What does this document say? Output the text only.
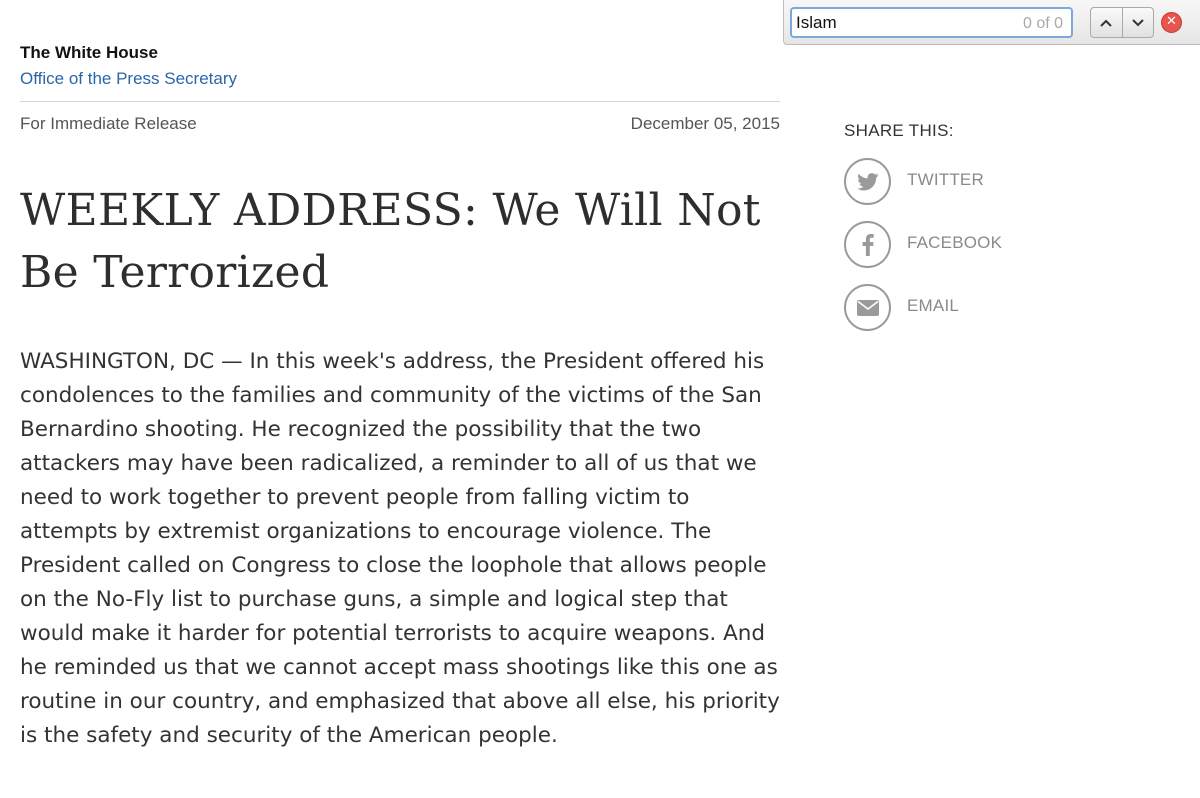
Islam
0 of 0	✕
The White House
Office of the Press Secretary
For Immediate Release	December 05, 2015
WEEKLY ADDRESS: We Will Not Be Terrorized

WASHINGTON, DC — In this week's address, the President offered his condolences to the families and community of the victims of the San Bernardino shooting. He recognized the possibility that the two attackers may have been radicalized, a reminder to all of us that we need to work together to prevent people from falling victim to attempts by extremist organizations to encourage violence. The President called on Congress to close the loophole that allows people on the No-Fly list to purchase guns, a simple and logical step that would make it harder for potential terrorists to acquire weapons. And he reminded us that we cannot accept mass shootings like this one as routine in our country, and emphasized that above all else, his priority is the safety and security of the American people.

SHARE THIS:
TWITTER
FACEBOOK
EMAIL
